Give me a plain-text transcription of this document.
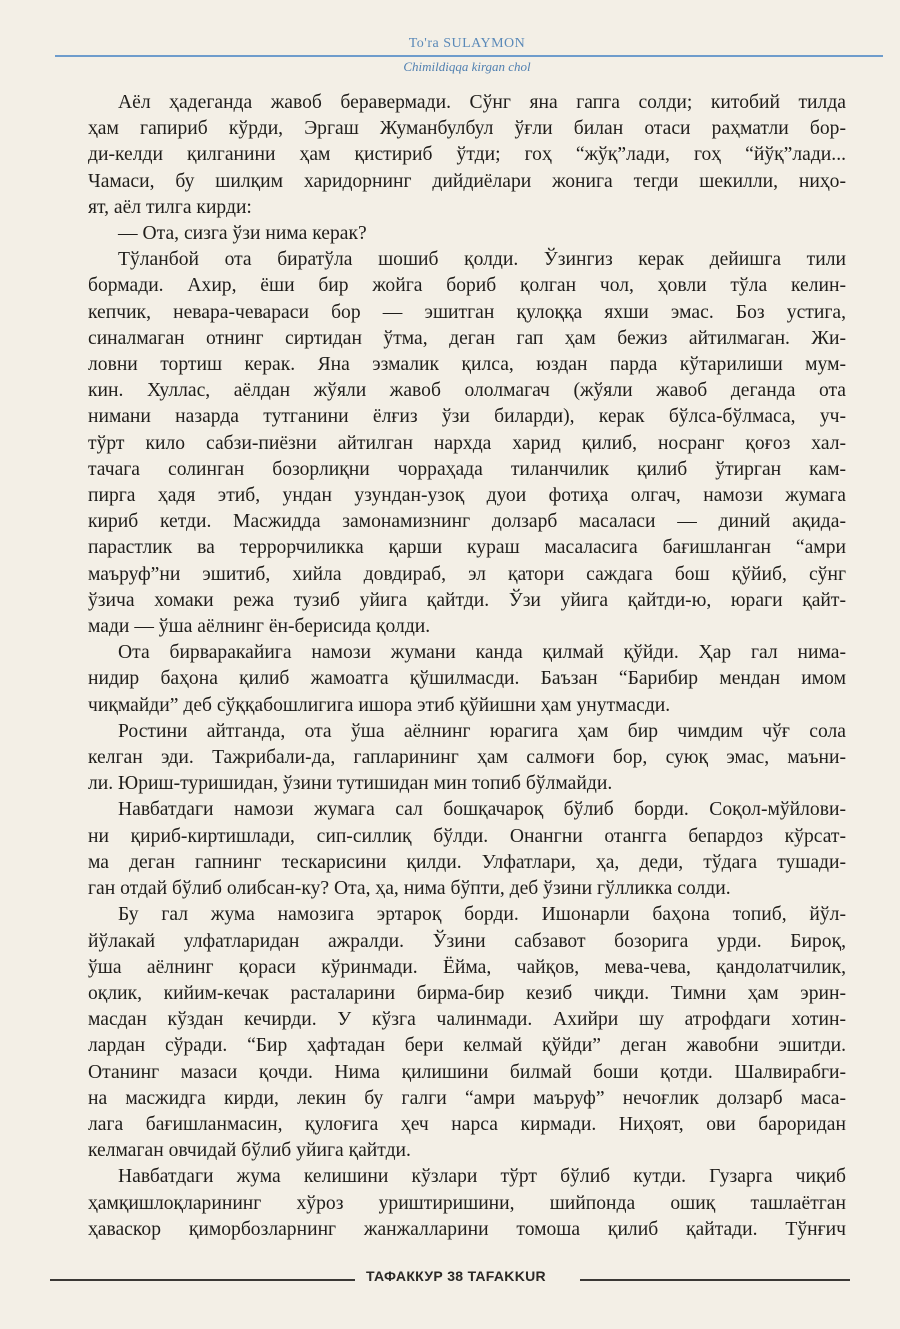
To'ra SULAYMON
Chimildiqqa kirgan chol
Аёл ҳадеганда жавоб беравермади. Сўнг яна гапга солди; китобий тилда
ҳам гапириб кўрди, Эргаш Жуманбулбул ўғли билан отаси раҳматли бор-
ди-келди қилганини ҳам қистириб ўтди; гоҳ “жўқ”лади, гоҳ “йўқ”лади...
Чамаси, бу шилқим харидорнинг дийдиёлари жонига тегди шекилли, ниҳо-
ят, аёл тилга кирди:
— Ота, сизга ўзи нима керак?
Тўланбой ота биратўла шошиб қолди. Ўзингиз керак дейишга тили
бормади. Ахир, ёши бир жойга бориб қолган чол, ҳовли тўла келин-
кепчик, невара-чевараси бор — эшитган қулоққа яхши эмас. Боз устига,
синалмаган отнинг сиртидан ўтма, деган гап ҳам бежиз айтилмаган. Жи-
ловни тортиш керак. Яна эзмалик қилса, юздан парда кўтарилиши мум-
кин. Хуллас, аёлдан жўяли жавоб ололмагач (жўяли жавоб деганда ота
нимани назарда тутганини ёлғиз ўзи биларди), керак бўлса-бўлмаса, уч-
тўрт кило сабзи-пиёзни айтилган нархда харид қилиб, носранг қоғоз хал-
тачага солинган бозорлиқни чорраҳада тиланчилик қилиб ўтирган кам-
пирга ҳадя этиб, ундан узундан-узоқ дуои фотиҳа олгач, намози жумага
кириб кетди. Масжидда замонамизнинг долзарб масаласи — диний ақида-
парастлик ва террорчиликка қарши кураш масаласига бағишланган “амри
маъруф”ни эшитиб, хийла довдираб, эл қатори саждага бош қўйиб, сўнг
ўзича хомаки режа тузиб уйига қайтди. Ўзи уйига қайтди-ю, юраги қайт-
мади — ўша аёлнинг ён-берисида қолди.
Ота бирваракайига намози жумани канда қилмай қўйди. Ҳар гал нима-
нидир баҳона қилиб жамоатга қўшилмасди. Баъзан “Барибир мендан имом
чиқмайди” деб сўққабошлигига ишора этиб қўйишни ҳам унутмасди.
Ростини айтганда, ота ўша аёлнинг юрагига ҳам бир чимдим чўғ сола
келган эди. Тажрибали-да, гапларининг ҳам салмоғи бор, суюқ эмас, маъни-
ли. Юриш-туришидан, ўзини тутишидан мин топиб бўлмайди.
Навбатдаги намози жумага сал бошқачароқ бўлиб борди. Соқол-мўйлови-
ни қириб-киртишлади, сип-силлиқ бўлди. Онангни отангга бепардоз кўрсат-
ма деган гапнинг тескарисини қилди. Улфатлари, ҳа, деди, тўдага тушади-
ган отдай бўлиб олибсан-ку? Ота, ҳа, нима бўпти, деб ўзини гўлликка солди.
Бу гал жума намозига эртароқ борди. Ишонарли баҳона топиб, йўл-
йўлакай улфатларидан ажралди. Ўзини сабзавот бозорига урди. Бироқ,
ўша аёлнинг қораси кўринмади. Ёйма, чайқов, мева-чева, қандолатчилик,
оқлик, кийим-кечак расталарини бирма-бир кезиб чиқди. Тимни ҳам эрин-
масдан кўздан кечирди. У кўзга чалинмади. Ахийри шу атрофдаги хотин-
лардан сўради. “Бир ҳафтадан бери келмай қўйди” деган жавобни эшитди.
Отанинг мазаси қочди. Нима қилишини билмай боши қотди. Шалвирабги-
на масжидга кирди, лекин бу галги “амри маъруф” нечоғлик долзарб маса-
лага бағишланмасин, қулоғига ҳеч нарса кирмади. Ниҳоят, ови бароридан
келмаган овчидай бўлиб уйига қайтди.
Навбатдаги жума келишини кўзлари тўрт бўлиб кутди. Гузарга чиқиб
ҳамқишлоқларининг хўроз уриштиришини, шийпонда ошиқ ташлаётган
ҳаваскор қиморбозларнинг жанжалларини томоша қилиб қайтади. Тўнғич
ТАФАККУР 38 TAFAKKUR
